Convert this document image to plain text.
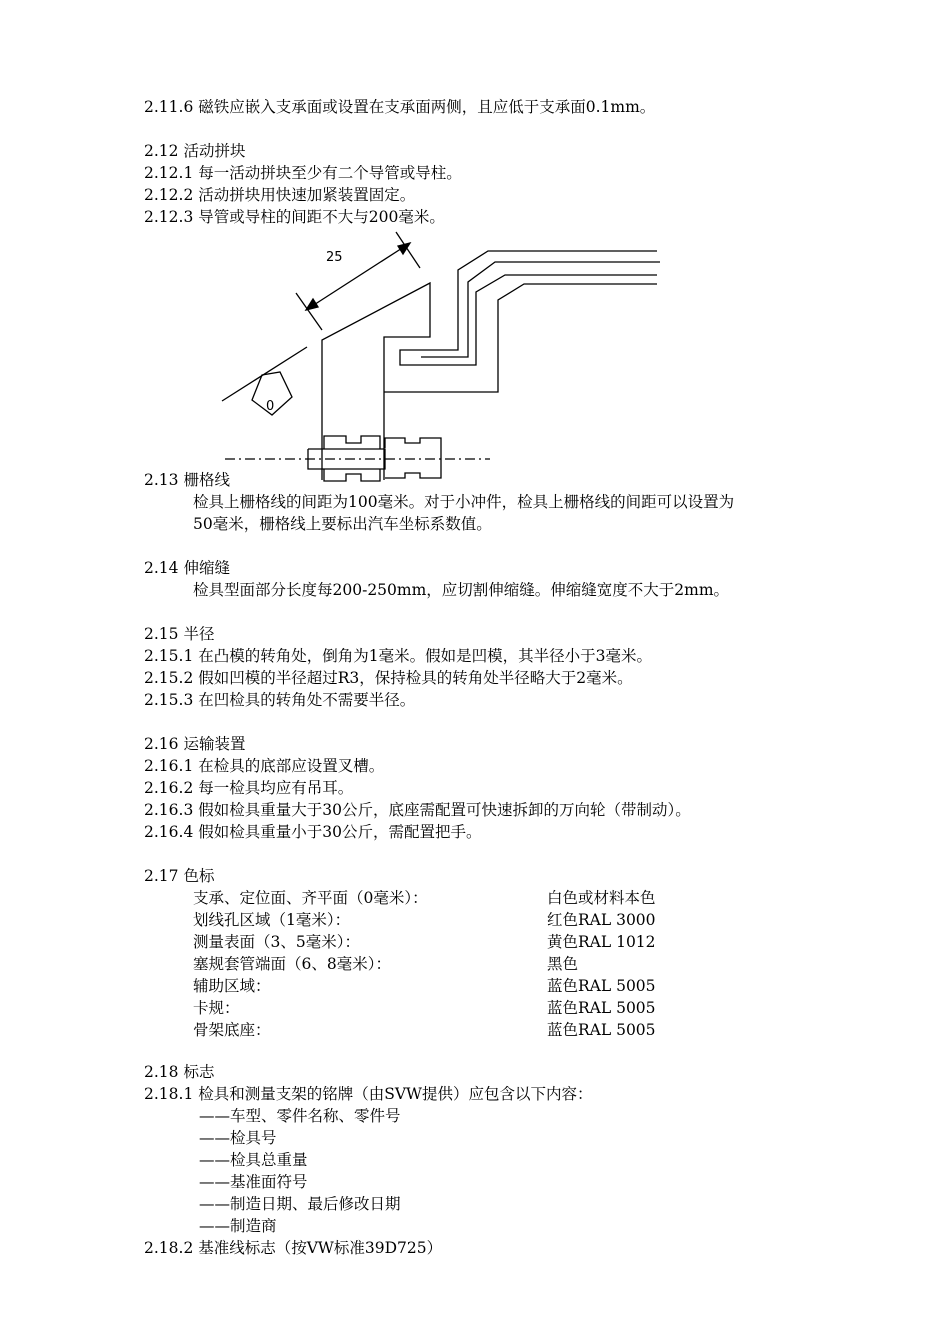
2.11.6 磁铁应嵌入支承面或设置在支承面两侧，且应低于支承面0.1mm。
2.12 活动拼块
2.12.1 每一活动拼块至少有二个导管或导柱。
2.12.2 活动拼块用快速加紧装置固定。
2.12.3 导管或导柱的间距不大与200毫米。
25
0
2.13 栅格线
检具上栅格线的间距为100毫米。对于小冲件，检具上栅格线的间距可以设置为
50毫米，栅格线上要标出汽车坐标系数值。
2.14 伸缩缝
检具型面部分长度每200-250mm，应切割伸缩缝。伸缩缝宽度不大于2mm。
2.15 半径
2.15.1 在凸模的转角处，倒角为1毫米。假如是凹模，其半径小于3毫米。
2.15.2 假如凹模的半径超过R3，保持检具的转角处半径略大于2毫米。
2.15.3 在凹检具的转角处不需要半径。
2.16 运输装置
2.16.1 在检具的底部应设置叉槽。
2.16.2 每一检具均应有吊耳。
2.16.3 假如检具重量大于30公斤，底座需配置可快速拆卸的万向轮（带制动）。
2.16.4 假如检具重量小于30公斤，需配置把手。
2.17 色标
支承、定位面、齐平面（0毫米）：	白色或材料本色
划线孔区域（1毫米）：	红色RAL 3000
测量表面（3、5毫米）：	黄色RAL 1012
塞规套管端面（6、8毫米）：	黑色
辅助区域：	蓝色RAL 5005
卡规：	蓝色RAL 5005
骨架底座：	蓝色RAL 5005
2.18 标志
2.18.1 检具和测量支架的铭牌（由SVW提供）应包含以下内容：
——车型、零件名称、零件号
——检具号
——检具总重量
——基准面符号
——制造日期、最后修改日期
——制造商
2.18.2 基准线标志（按VW标准39D725）
